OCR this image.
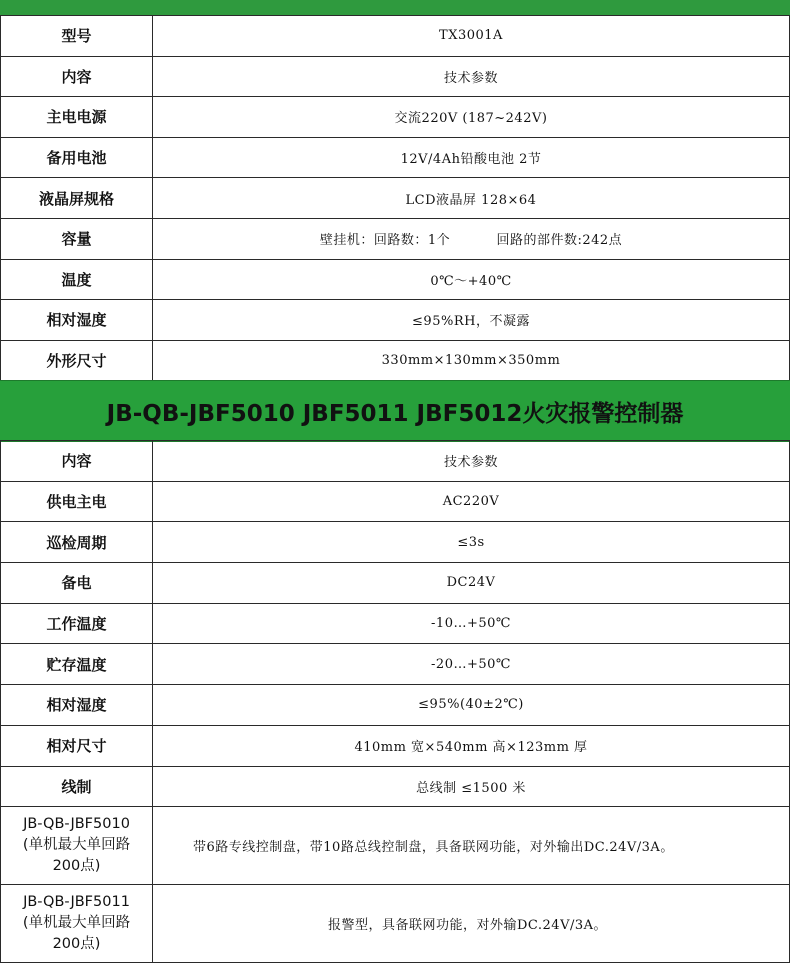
型号	TX3001A
内容	技术参数
主电电源	交流220V (187~242V)
备用电池	12V/4Ah铅酸电池 2节
液晶屏规格	LCD液晶屏 128×64
容量	壁挂机：回路数：1个          回路的部件数:242点
温度	0℃～+40℃
相对湿度	≤95%RH，不凝露
外形尺寸	330mm×130mm×350mm
JB-QB-JBF5010 JBF5011 JBF5012火灾报警控制器
内容	技术参数
供电主电	AC220V
巡检周期	≤3s
备电	DC24V
工作温度	-10…+50℃
贮存温度	-20…+50℃
相对湿度	≤95%(40±2℃)
相对尺寸	410mm 宽×540mm 高×123mm 厚
线制	总线制 ≤1500 米
JB-QB-JBF5010
(单机最大单回路
200点)	带6路专线控制盘，带10路总线控制盘，具备联网功能，对外输出DC.24V/3A。
JB-QB-JBF5011
(单机最大单回路
200点)	报警型，具备联网功能，对外输DC.24V/3A。
